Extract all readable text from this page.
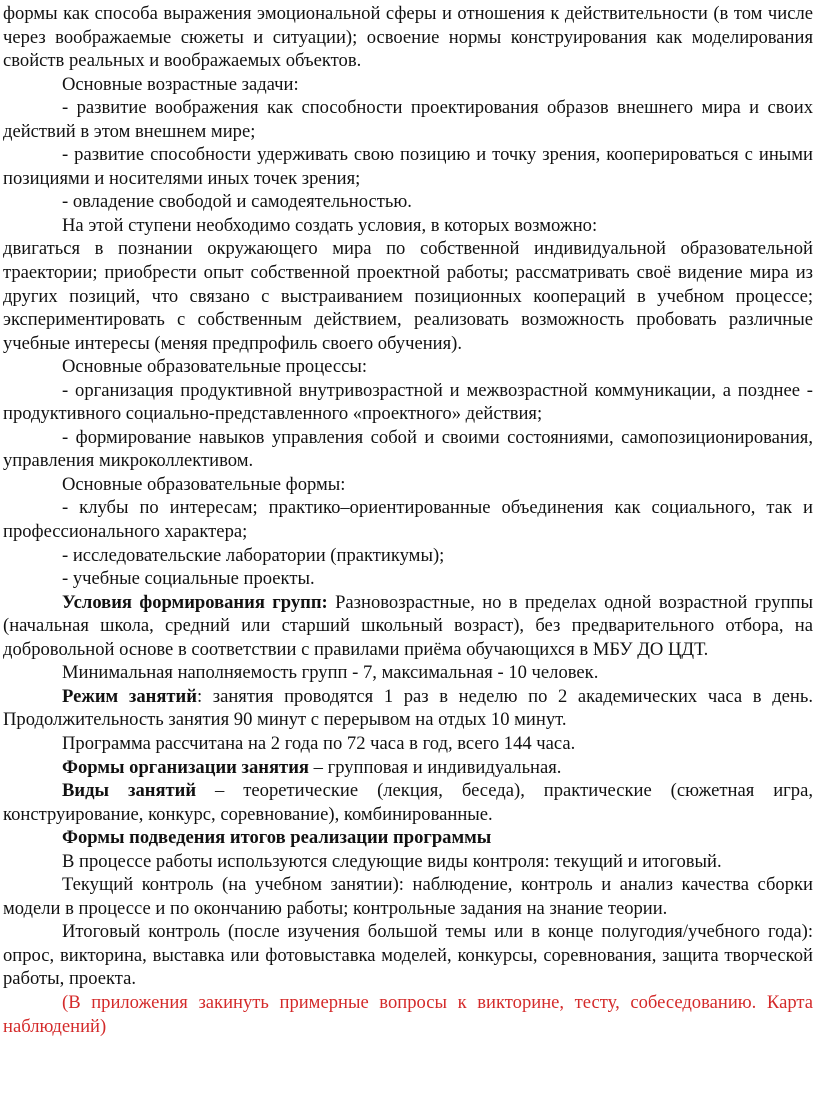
формы как способа выражения эмоциональной сферы и отношения к действительности (в том числе через воображаемые сюжеты и ситуации); освоение нормы конструирования как моделирования свойств реальных и воображаемых объектов.

Основные возрастные задачи:

- развитие воображения как способности проектирования образов внешнего мира и своих действий в этом внешнем мире;

- развитие способности удерживать свою позицию и точку зрения, кооперироваться с иными позициями и носителями иных точек зрения;

- овладение свободой и самодеятельностью.

На этой ступени необходимо создать условия, в которых возможно:

двигаться в познании окружающего мира по собственной индивидуальной образовательной траектории; приобрести опыт собственной проектной работы; рассматривать своё видение мира из других позиций, что связано с выстраиванием позиционных коопераций в учебном процессе; экспериментировать с собственным действием, реализовать возможность пробовать различные учебные интересы (меняя предпрофиль своего обучения).

Основные образовательные процессы:

- организация продуктивной внутривозрастной и межвозрастной коммуникации, а позднее - продуктивного социально-представленного «проектного» действия;

- формирование навыков управления собой и своими состояниями, самопозиционирования, управления микроколлективом.

Основные образовательные формы:

- клубы по интересам; практико–ориентированные объединения как социального, так и профессионального характера;

- исследовательские лаборатории (практикумы);

- учебные социальные проекты.

Условия формирования групп: Разновозрастные, но в пределах одной возрастной группы (начальная школа, средний или старший школьный возраст), без предварительного отбора, на добровольной основе в соответствии с правилами приёма обучающихся в МБУ ДО ЦДТ.

Минимальная наполняемость групп - 7, максимальная - 10 человек.

Режим занятий: занятия проводятся 1 раз в неделю по 2 академических часа в день. Продолжительность занятия 90 минут с перерывом на отдых 10 минут.

Программа рассчитана на 2 года по 72 часа в год, всего 144 часа.

Формы организации занятия – групповая и индивидуальная.

Виды занятий – теоретические (лекция, беседа), практические (сюжетная игра, конструирование, конкурс, соревнование), комбинированные.

Формы подведения итогов реализации программы

В процессе работы используются следующие виды контроля: текущий и итоговый.

Текущий контроль (на учебном занятии): наблюдение, контроль и анализ качества сборки модели в процессе и по окончанию работы; контрольные задания на знание теории.

Итоговый контроль (после изучения большой темы или в конце полугодия/учебного года): опрос, викторина, выставка или фотовыставка моделей, конкурсы, соревнования, защита творческой работы, проекта.

(В приложения закинуть примерные вопросы к викторине, тесту, собеседованию. Карта наблюдений)
